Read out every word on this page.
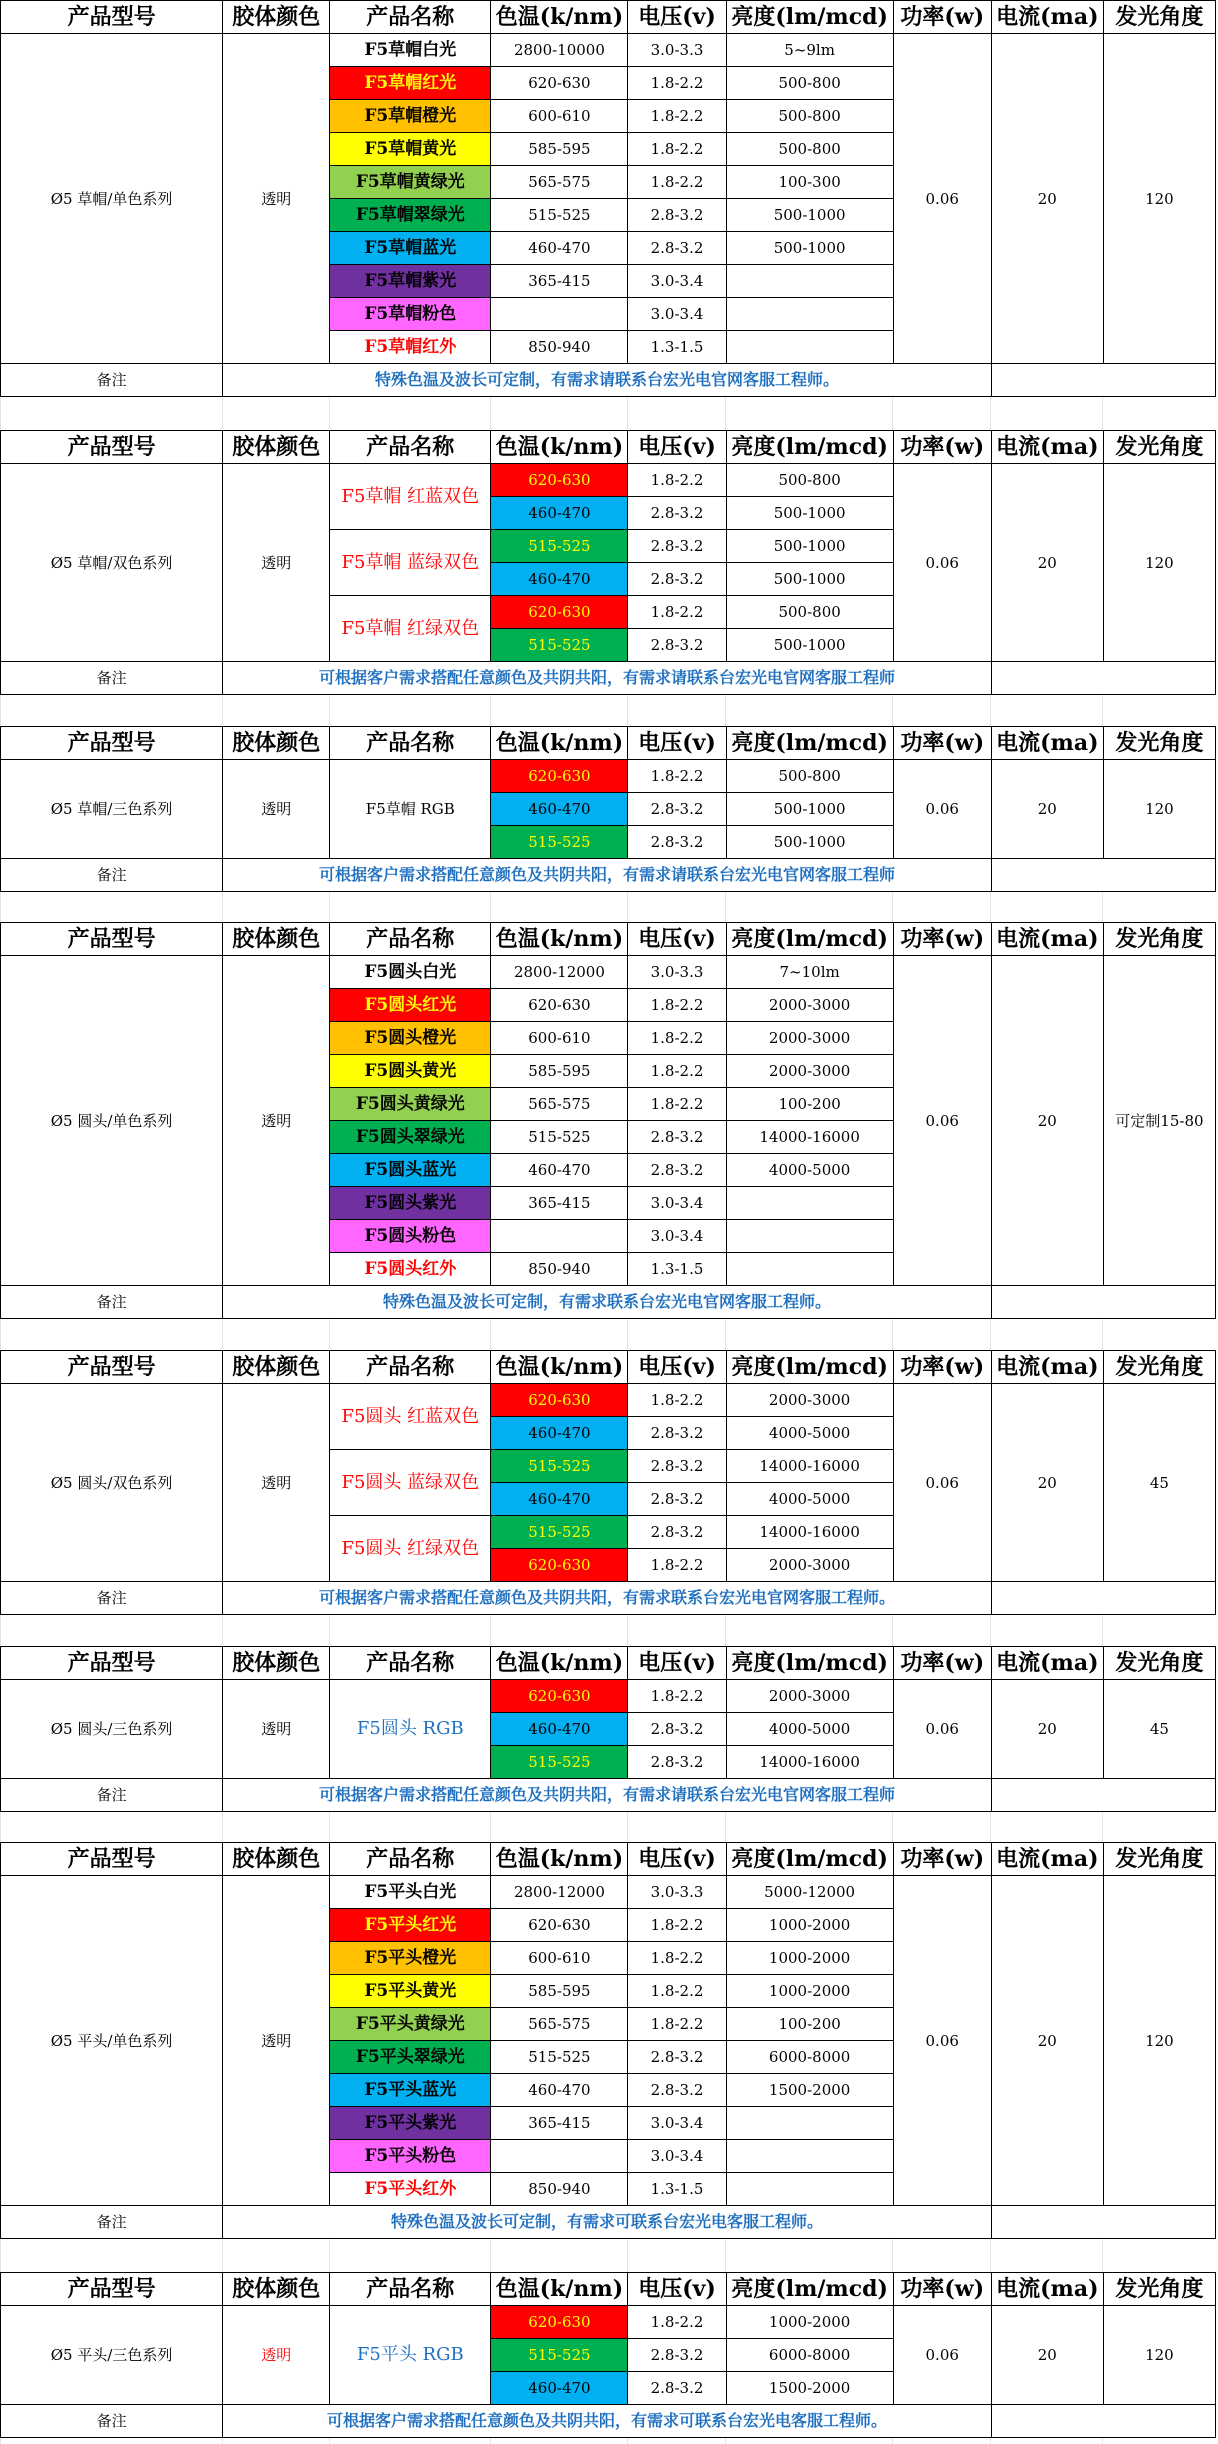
产品型号	胶体颜色	产品名称	色温(k/nm)	电压(v)	亮度(lm/mcd)	功率(w)	电流(ma)	发光角度
Ø5 草帽/单色系列	透明	F5草帽白光	2800-10000	3.0-3.3	5~9lm	0.06	20	120
		F5草帽红光	620-630	1.8-2.2	500-800			
		F5草帽橙光	600-610	1.8-2.2	500-800			
		F5草帽黄光	585-595	1.8-2.2	500-800			
		F5草帽黄绿光	565-575	1.8-2.2	100-300			
		F5草帽翠绿光	515-525	2.8-3.2	500-1000			
		F5草帽蓝光	460-470	2.8-3.2	500-1000			
		F5草帽紫光	365-415	3.0-3.4				
		F5草帽粉色		3.0-3.4				
		F5草帽红外	850-940	1.3-1.5				
备注	特殊色温及波长可定制，有需求请联系台宏光电官网客服工程师。							
产品型号	胶体颜色	产品名称	色温(k/nm)	电压(v)	亮度(lm/mcd)	功率(w)	电流(ma)	发光角度
Ø5 草帽/双色系列	透明	F5草帽 红蓝双色	620-630	1.8-2.2	500-800	0.06	20	120
			460-470	2.8-3.2	500-1000			
		F5草帽 蓝绿双色	515-525	2.8-3.2	500-1000			
			460-470	2.8-3.2	500-1000			
		F5草帽 红绿双色	620-630	1.8-2.2	500-800			
			515-525	2.8-3.2	500-1000			
备注	可根据客户需求搭配任意颜色及共阴共阳，有需求请联系台宏光电官网客服工程师							
产品型号	胶体颜色	产品名称	色温(k/nm)	电压(v)	亮度(lm/mcd)	功率(w)	电流(ma)	发光角度
Ø5 草帽/三色系列	透明	F5草帽 RGB	620-630	1.8-2.2	500-800	0.06	20	120
			460-470	2.8-3.2	500-1000			
			515-525	2.8-3.2	500-1000			
备注	可根据客户需求搭配任意颜色及共阴共阳，有需求请联系台宏光电官网客服工程师							
产品型号	胶体颜色	产品名称	色温(k/nm)	电压(v)	亮度(lm/mcd)	功率(w)	电流(ma)	发光角度
Ø5 圆头/单色系列	透明	F5圆头白光	2800-12000	3.0-3.3	7~10lm	0.06	20	可定制15-80
		F5圆头红光	620-630	1.8-2.2	2000-3000			
		F5圆头橙光	600-610	1.8-2.2	2000-3000			
		F5圆头黄光	585-595	1.8-2.2	2000-3000			
		F5圆头黄绿光	565-575	1.8-2.2	100-200			
		F5圆头翠绿光	515-525	2.8-3.2	14000-16000			
		F5圆头蓝光	460-470	2.8-3.2	4000-5000			
		F5圆头紫光	365-415	3.0-3.4				
		F5圆头粉色		3.0-3.4				
		F5圆头红外	850-940	1.3-1.5				
备注	特殊色温及波长可定制，有需求联系台宏光电官网客服工程师。							
产品型号	胶体颜色	产品名称	色温(k/nm)	电压(v)	亮度(lm/mcd)	功率(w)	电流(ma)	发光角度
Ø5 圆头/双色系列	透明	F5圆头 红蓝双色	620-630	1.8-2.2	2000-3000	0.06	20	45
			460-470	2.8-3.2	4000-5000			
		F5圆头 蓝绿双色	515-525	2.8-3.2	14000-16000			
			460-470	2.8-3.2	4000-5000			
		F5圆头 红绿双色	515-525	2.8-3.2	14000-16000			
			620-630	1.8-2.2	2000-3000			
备注	可根据客户需求搭配任意颜色及共阴共阳，有需求联系台宏光电官网客服工程师。							
产品型号	胶体颜色	产品名称	色温(k/nm)	电压(v)	亮度(lm/mcd)	功率(w)	电流(ma)	发光角度
Ø5 圆头/三色系列	透明	F5圆头 RGB	620-630	1.8-2.2	2000-3000	0.06	20	45
			460-470	2.8-3.2	4000-5000			
			515-525	2.8-3.2	14000-16000			
备注	可根据客户需求搭配任意颜色及共阴共阳，有需求请联系台宏光电官网客服工程师							
产品型号	胶体颜色	产品名称	色温(k/nm)	电压(v)	亮度(lm/mcd)	功率(w)	电流(ma)	发光角度
Ø5 平头/单色系列	透明	F5平头白光	2800-12000	3.0-3.3	5000-12000	0.06	20	120
		F5平头红光	620-630	1.8-2.2	1000-2000			
		F5平头橙光	600-610	1.8-2.2	1000-2000			
		F5平头黄光	585-595	1.8-2.2	1000-2000			
		F5平头黄绿光	565-575	1.8-2.2	100-200			
		F5平头翠绿光	515-525	2.8-3.2	6000-8000			
		F5平头蓝光	460-470	2.8-3.2	1500-2000			
		F5平头紫光	365-415	3.0-3.4				
		F5平头粉色		3.0-3.4				
		F5平头红外	850-940	1.3-1.5				
备注	特殊色温及波长可定制，有需求可联系台宏光电客服工程师。							
产品型号	胶体颜色	产品名称	色温(k/nm)	电压(v)	亮度(lm/mcd)	功率(w)	电流(ma)	发光角度
Ø5 平头/三色系列	透明	F5平头 RGB	620-630	1.8-2.2	1000-2000	0.06	20	120
			515-525	2.8-3.2	6000-8000			
			460-470	2.8-3.2	1500-2000			
备注	可根据客户需求搭配任意颜色及共阴共阳，有需求可联系台宏光电客服工程师。							
